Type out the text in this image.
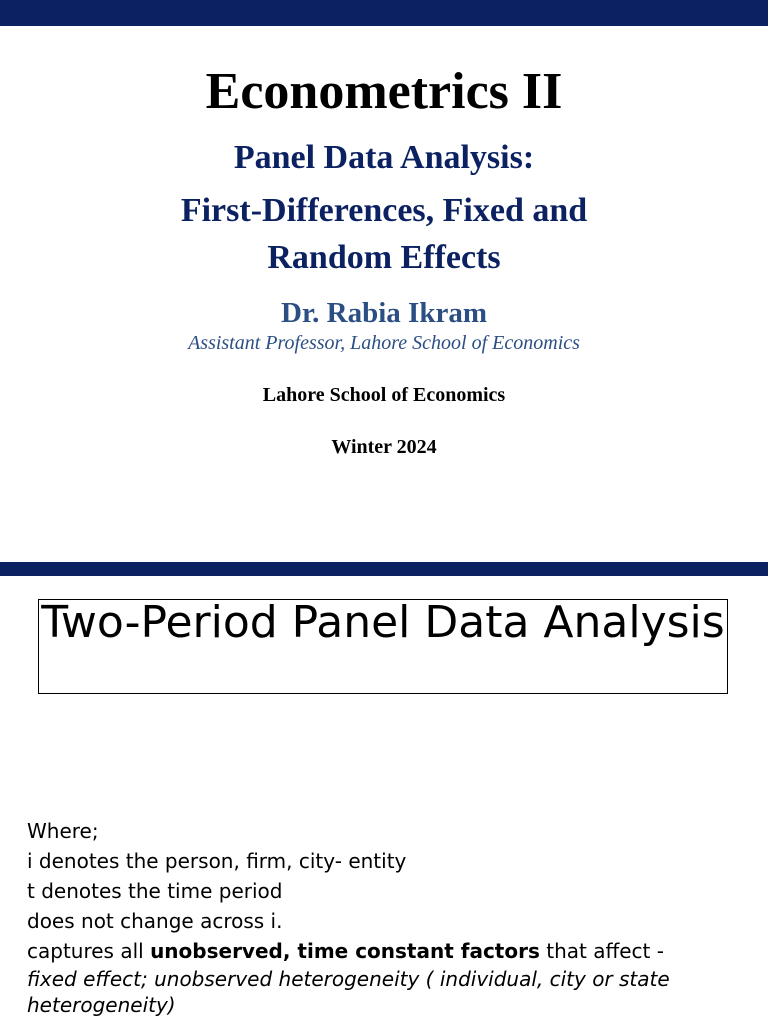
Econometrics II
Panel Data Analysis:
First-Differences, Fixed and
Random Effects
Dr. Rabia Ikram
Assistant Professor, Lahore School of Economics
Lahore School of Economics
Winter 2024
Two-Period Panel Data Analysis
Where;
i denotes the person, firm, city- entity
t denotes the time period
does not change across i.
captures all unobserved, time constant factors that affect -
fixed effect; unobserved heterogeneity ( individual, city or state heterogeneity)
